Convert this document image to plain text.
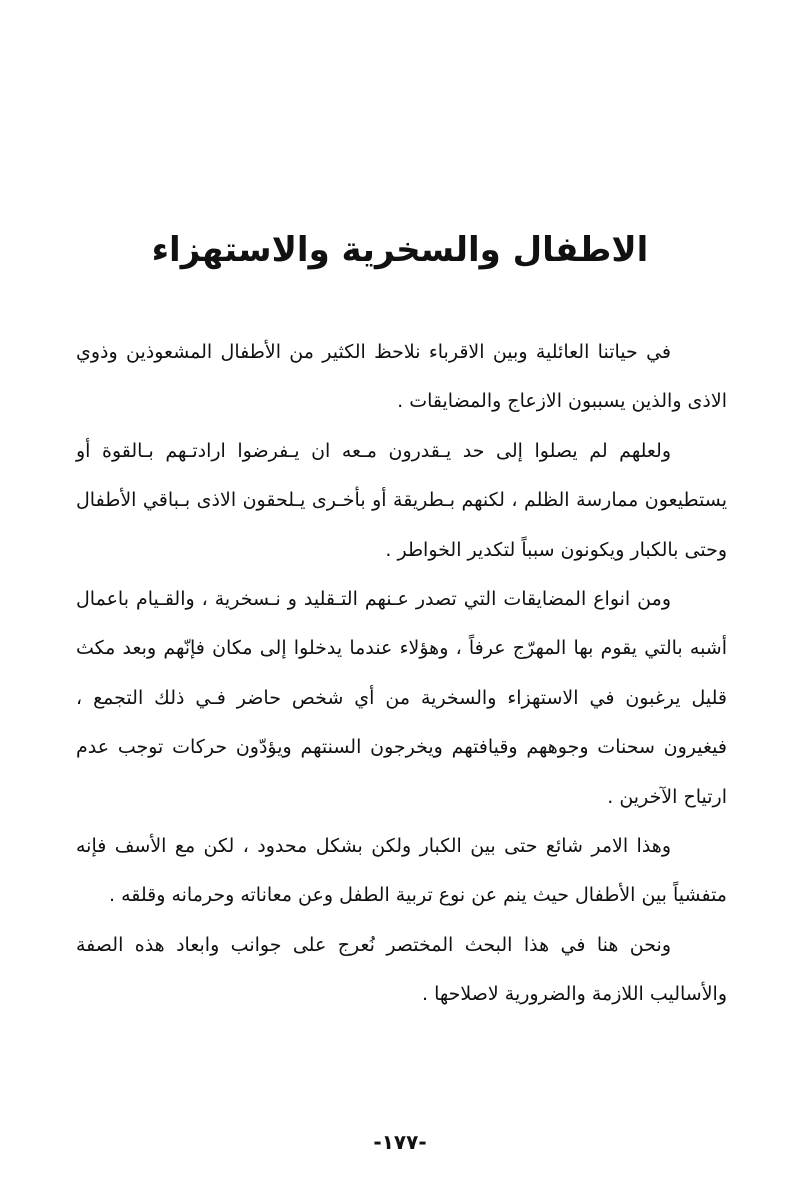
الاطفال والسخرية والاستهزاء

في حياتنا العائلية وبين الاقرباء نلاحظ الكثير من الأطفال المشعوذين وذوي الاذى والذين يسببون الازعاج والمضايقات .

ولعلهم لم يصلوا إلى حد يـقدرون مـعه ان يـفرضوا ارادتـهم بـالقوة أو يستطيعون ممارسة الظلم ، لكنهم بـطريقة أو بأخـرى يـلحقون الاذى بـباقي الأطفال وحتى بالكبار ويكونون سبباً لتكدير الخواطر .

ومن انواع المضايقات التي تصدر عـنهم التـقليد و نـسخرية ، والقـيام باعمال أشبه بالتي يقوم بها المهرّج عرفاً ، وهؤلاء عندما يدخلوا إلى مكان فإنّهم وبعد مكث قليل يرغبون في الاستهزاء والسخرية من أي شخص حاضر فـي ذلك التجمع ، فيغيرون سحنات وجوههم وقيافتهم ويخرجون السنتهم ويؤدّون حركات توجب عدم ارتياح الآخرين .

وهذا الامر شائع حتى بين الكبار ولكن بشكل محدود ، لكن مع الأسف فإنه متفشياً بين الأطفال حيث ينم عن نوع تربية الطفل وعن معاناته وحرمانه وقلقه .

ونحن هنا في هذا البحث المختصر نُعرج على جوانب وابعاد هذه الصفة والأساليب اللازمة والضرورية لاصلاحها .

-١٧٧-
